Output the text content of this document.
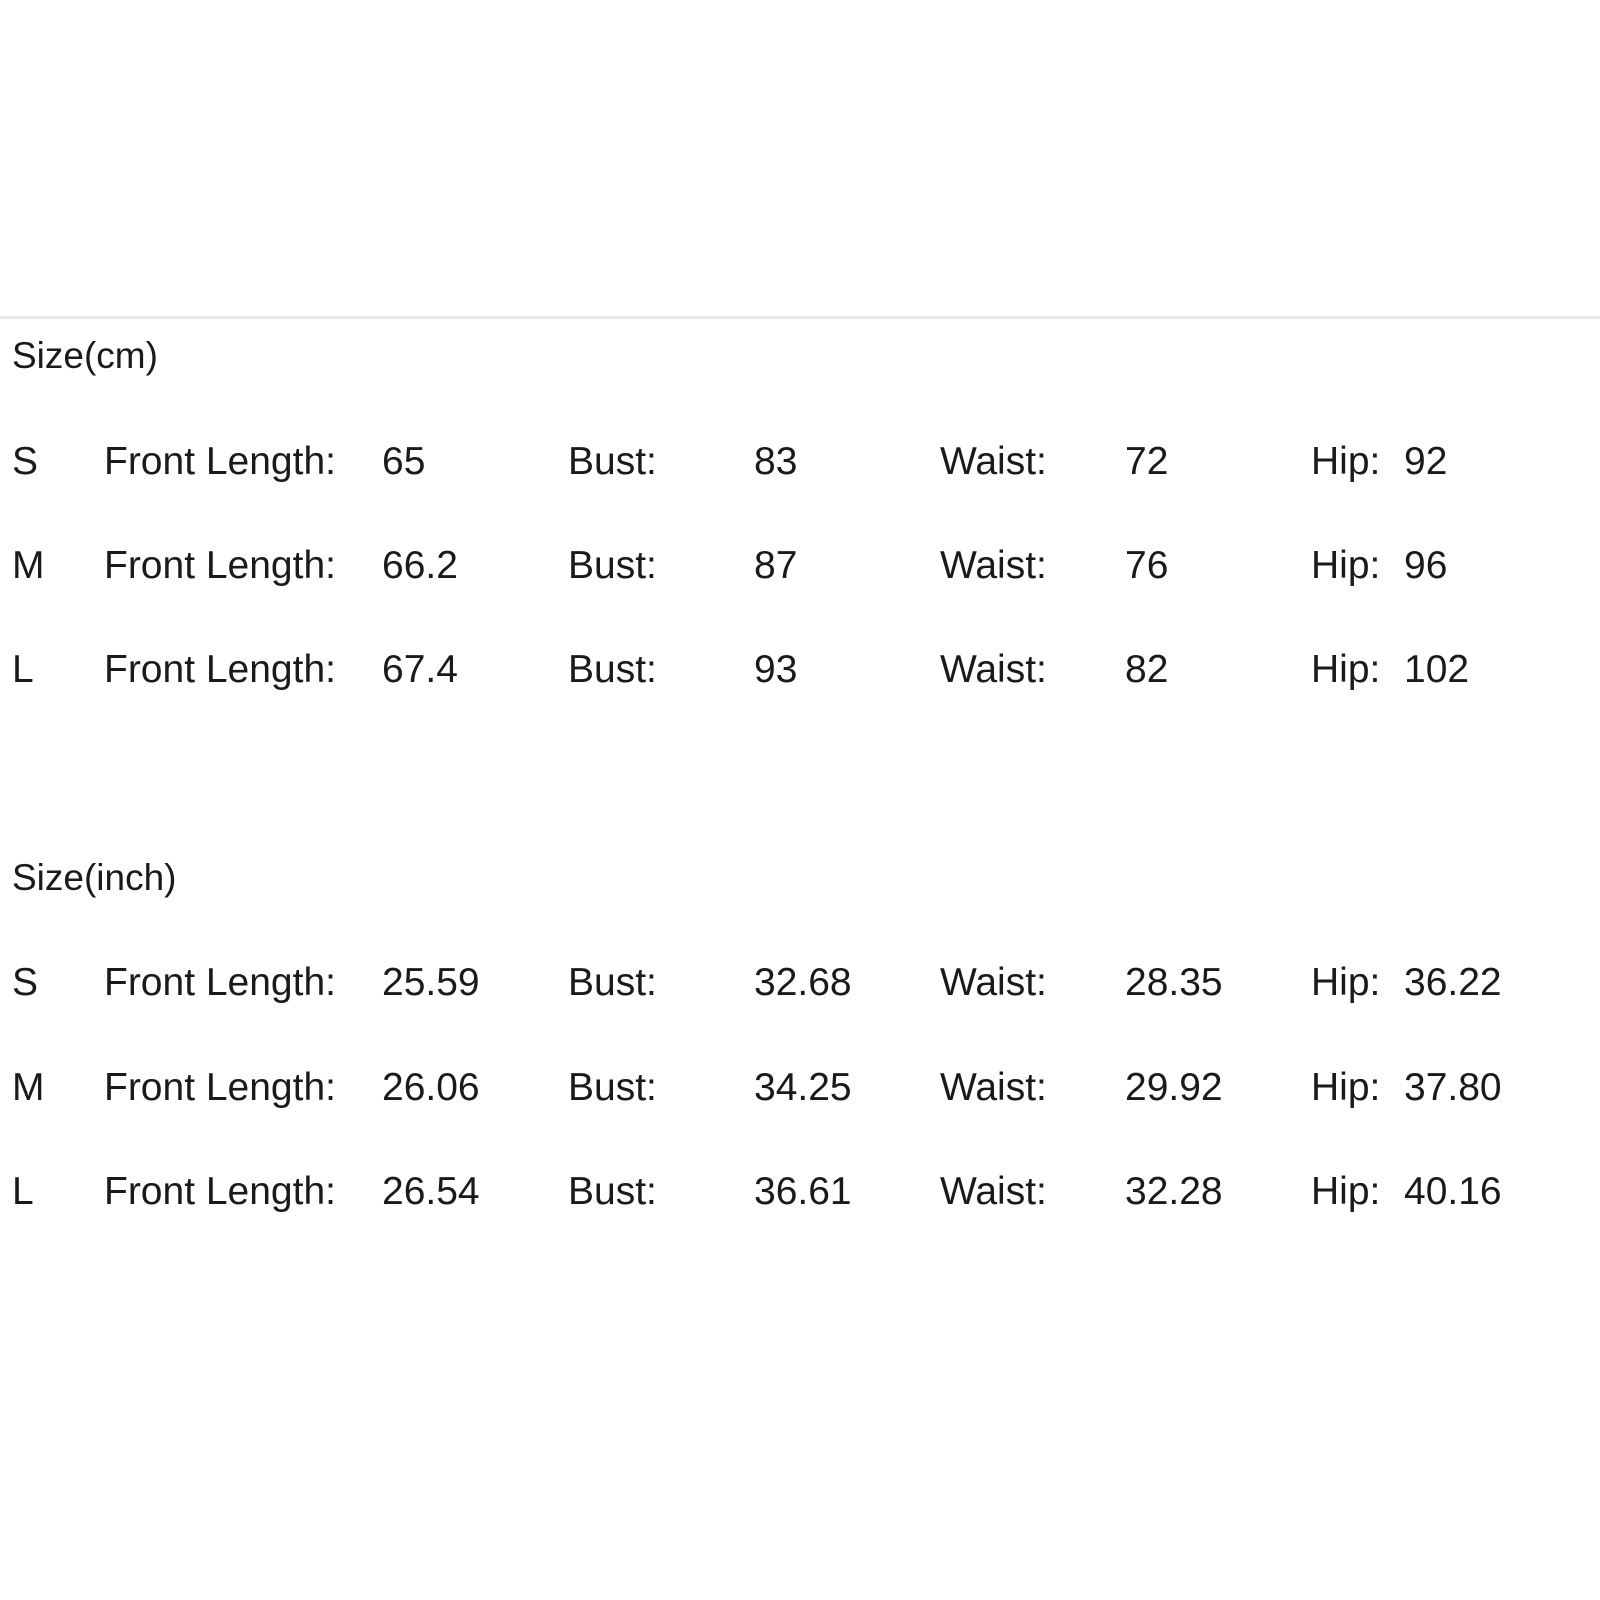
Size(cm)
S Front Length: 65	Bust: 83	Waist: 72	Hip: 92
M Front Length: 66.2	Bust: 87	Waist: 76	Hip: 96
L Front Length: 67.4	Bust: 93	Waist: 82	Hip: 102
Size(inch)
S Front Length: 25.59 Bust: 32.68 Waist: 28.35 Hip: 36.22
M Front Length: 26.06 Bust: 34.25 Waist: 29.92 Hip: 37.80
L Front Length: 26.54 Bust: 36.61 Waist: 32.28 Hip: 40.16
